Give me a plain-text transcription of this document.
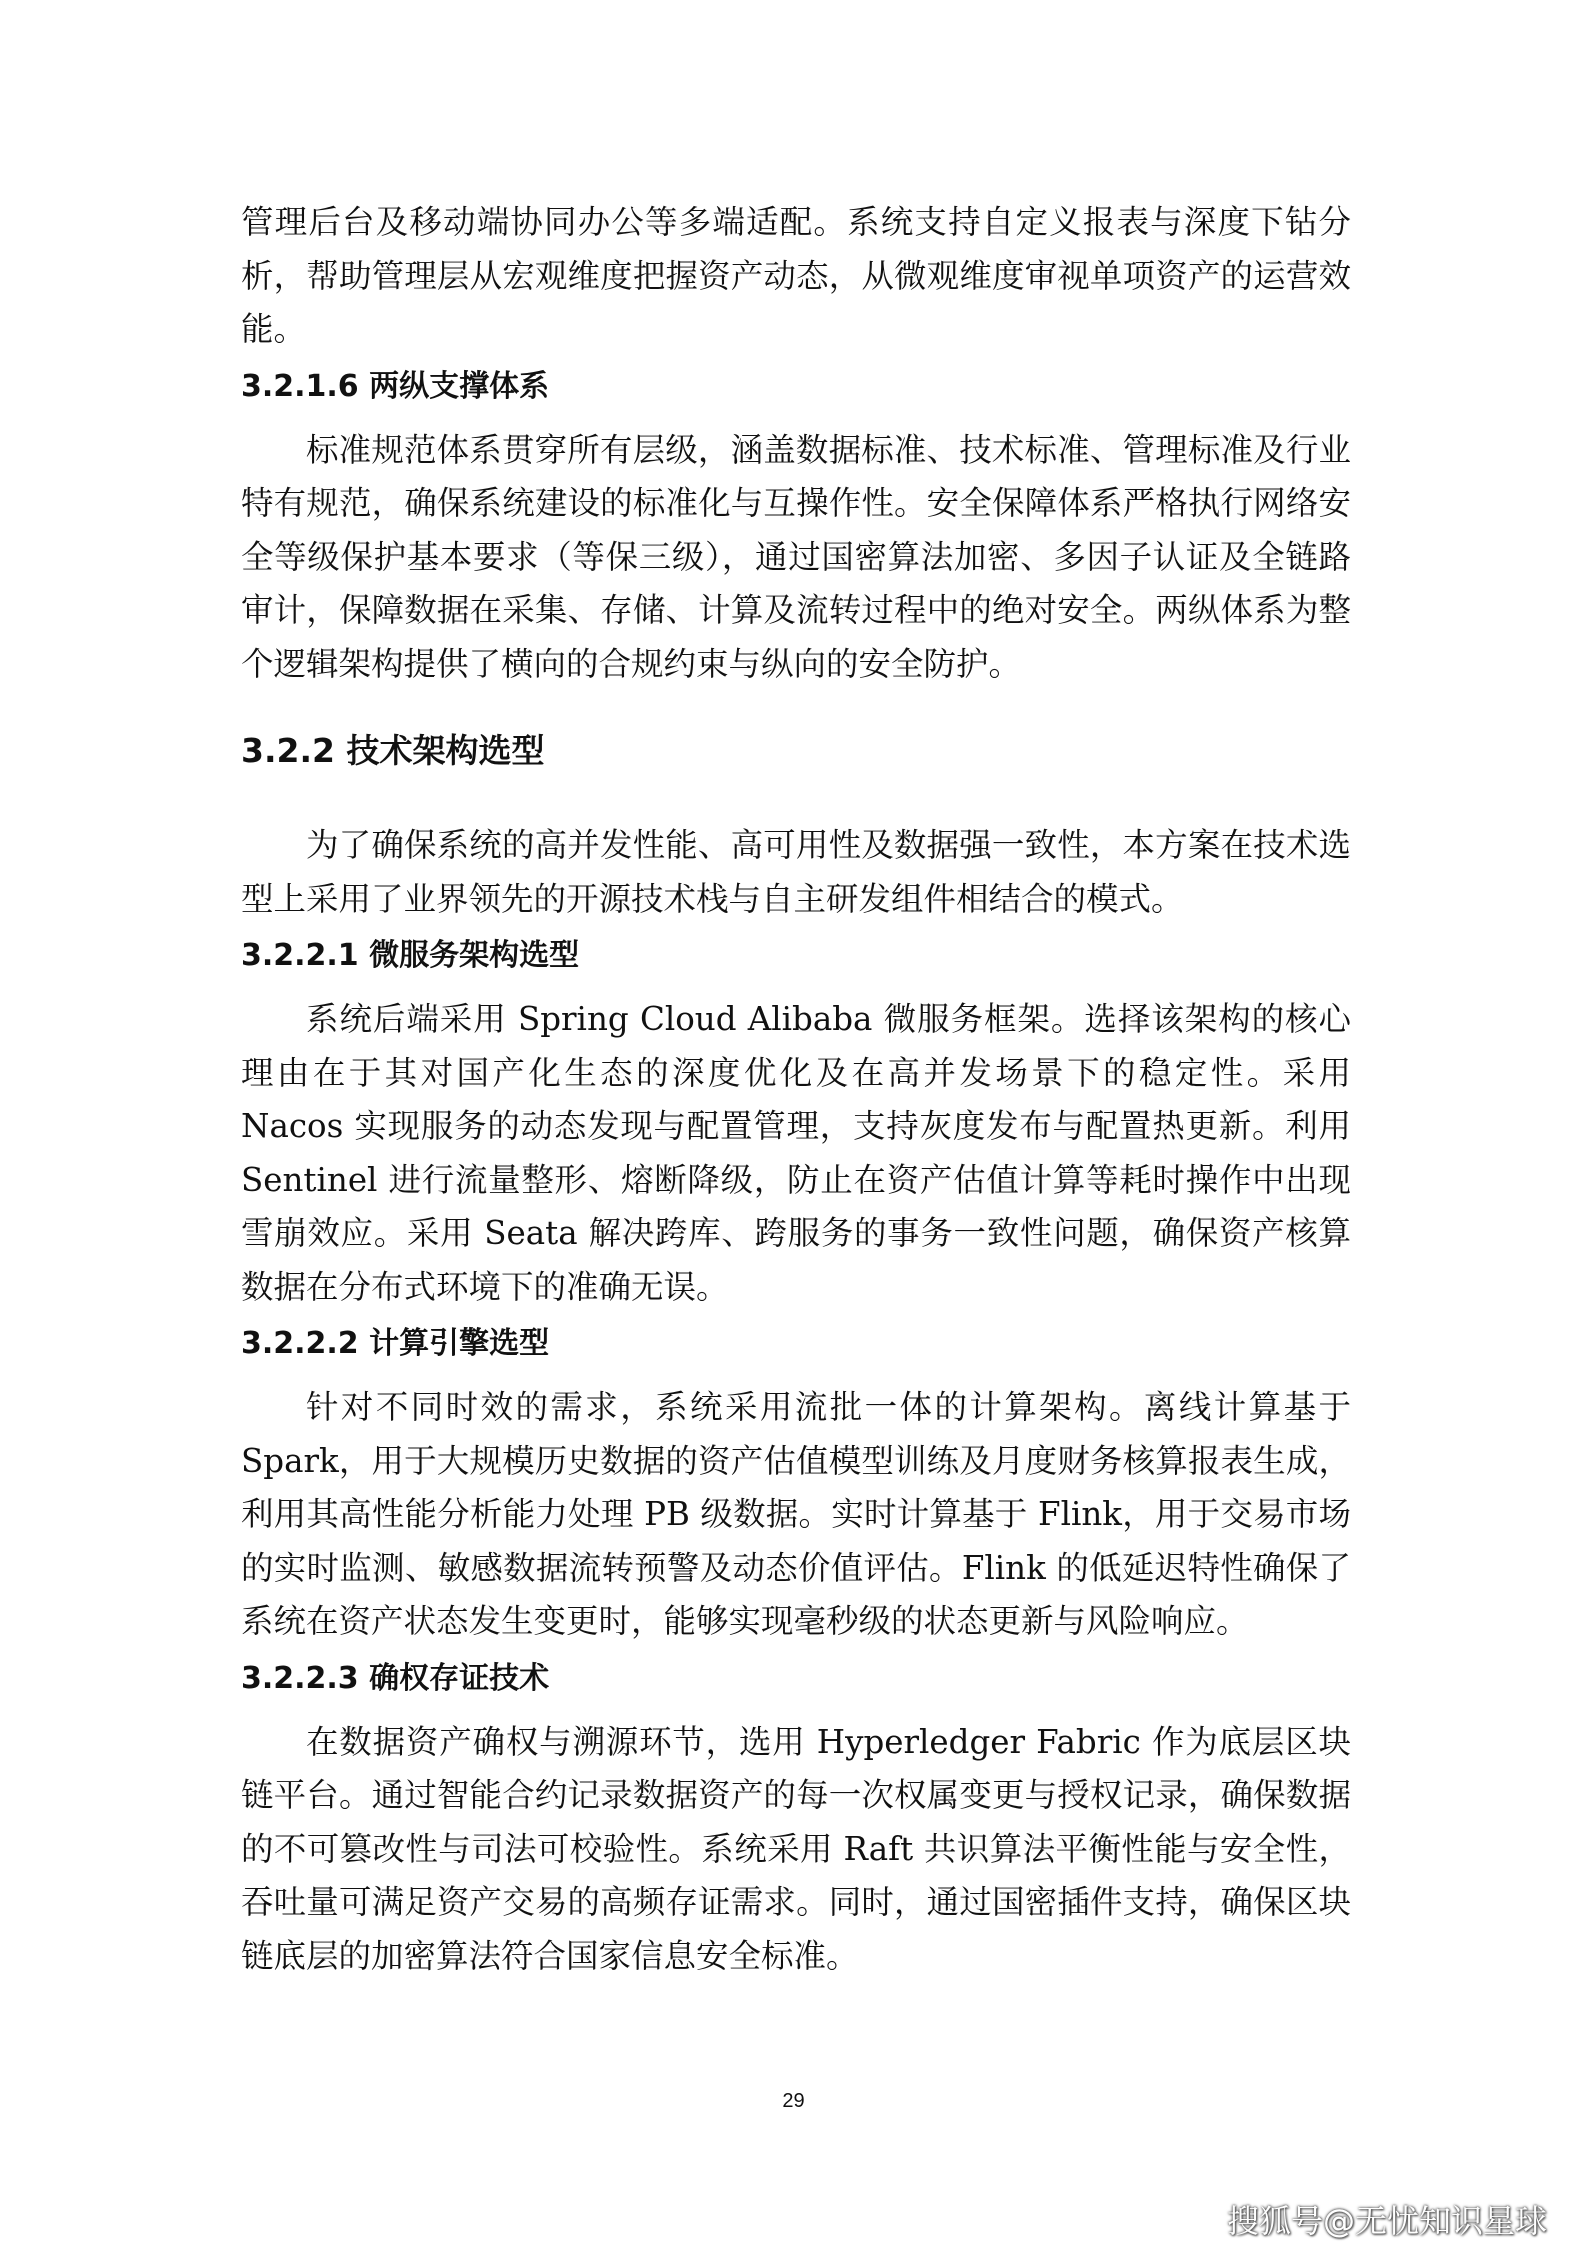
管理后台及移动端协同办公等多端适配。系统支持自定义报表与深度下钻分析，帮助管理层从宏观维度把握资产动态，从微观维度审视单项资产的运营效能。

3.2.1.6 两纵支撑体系

标准规范体系贯穿所有层级，涵盖数据标准、技术标准、管理标准及行业特有规范，确保系统建设的标准化与互操作性。安全保障体系严格执行网络安全等级保护基本要求（等保三级），通过国密算法加密、多因子认证及全链路审计，保障数据在采集、存储、计算及流转过程中的绝对安全。两纵体系为整个逻辑架构提供了横向的合规约束与纵向的安全防护。

3.2.2 技术架构选型

为了确保系统的高并发性能、高可用性及数据强一致性，本方案在技术选型上采用了业界领先的开源技术栈与自主研发组件相结合的模式。

3.2.2.1 微服务架构选型

系统后端采用 Spring Cloud Alibaba 微服务框架。选择该架构的核心理由在于其对国产化生态的深度优化及在高并发场景下的稳定性。采用 Nacos 实现服务的动态发现与配置管理，支持灰度发布与配置热更新。利用 Sentinel 进行流量整形、熔断降级，防止在资产估值计算等耗时操作中出现雪崩效应。采用 Seata 解决跨库、跨服务的事务一致性问题，确保资产核算数据在分布式环境下的准确无误。

3.2.2.2 计算引擎选型

针对不同时效的需求，系统采用流批一体的计算架构。离线计算基于 Spark，用于大规模历史数据的资产估值模型训练及月度财务核算报表生成，利用其高性能分析能力处理 PB 级数据。实时计算基于 Flink，用于交易市场的实时监测、敏感数据流转预警及动态价值评估。Flink 的低延迟特性确保了系统在资产状态发生变更时，能够实现毫秒级的状态更新与风险响应。

3.2.2.3 确权存证技术

在数据资产确权与溯源环节，选用 Hyperledger Fabric 作为底层区块链平台。通过智能合约记录数据资产的每一次权属变更与授权记录，确保数据的不可篡改性与司法可校验性。系统采用 Raft 共识算法平衡性能与安全性，吞吐量可满足资产交易的高频存证需求。同时，通过国密插件支持，确保区块链底层的加密算法符合国家信息安全标准。

29
搜狐号@无忧知识星球
